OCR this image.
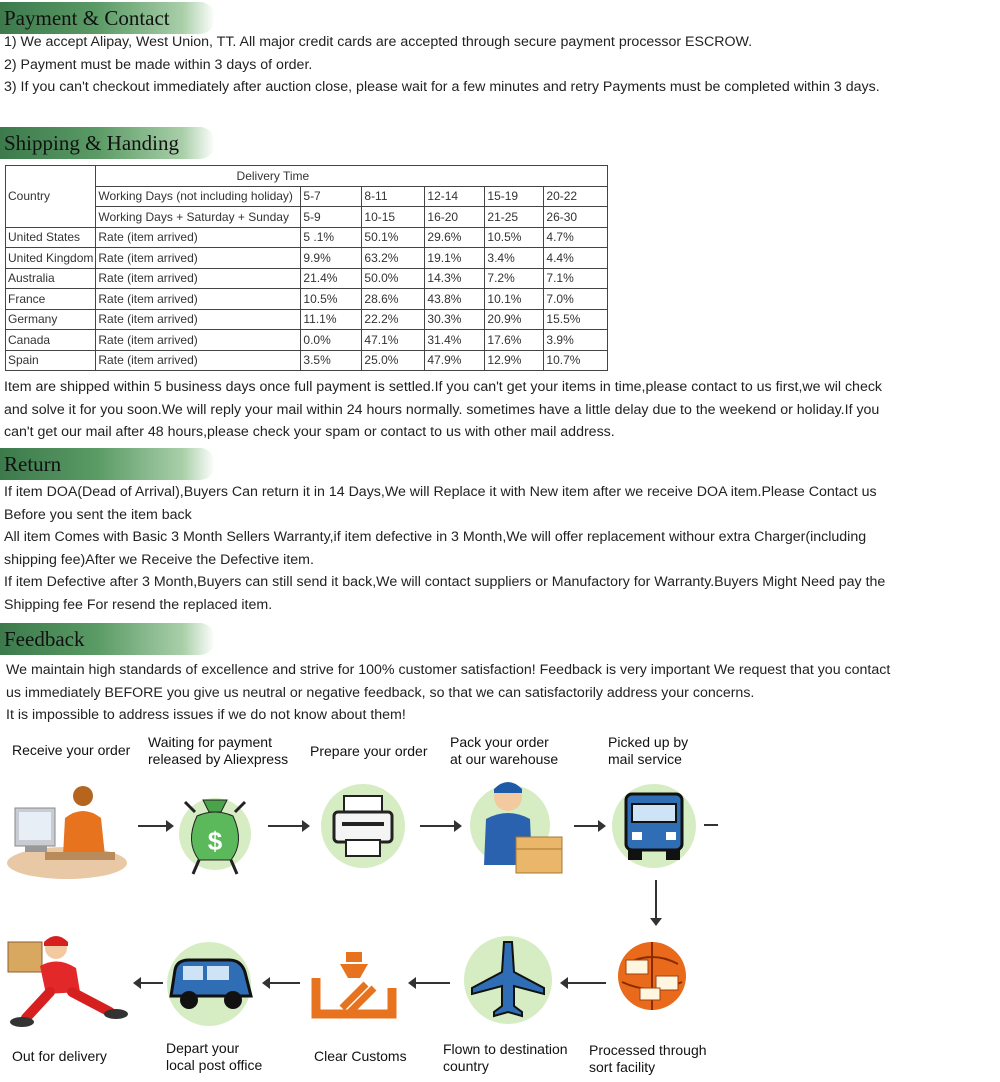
Payment & Contact

1) We accept Alipay, West Union, TT. All major credit cards are accepted through secure payment processor ESCROW.

2) Payment must be made within 3 days of order.

3) If you can't checkout immediately after auction close, please wait for a few minutes and retry Payments must be completed within 3 days.

Shipping & Handing
Country	Delivery Time					
	Working Days (not including holiday)	5-7	8-11	12-14	15-19	20-22
	Working Days + Saturday + Sunday	5-9	10-15	16-20	21-25	26-30
United States	Rate (item arrived)	5 .1%	50.1%	29.6%	10.5%	4.7%
United Kingdom	Rate (item arrived)	9.9%	63.2%	19.1%	3.4%	4.4%
Australia	Rate (item arrived)	21.4%	50.0%	14.3%	7.2%	7.1%
France	Rate (item arrived)	10.5%	28.6%	43.8%	10.1%	7.0%
Germany	Rate (item arrived)	11.1%	22.2%	30.3%	20.9%	15.5%
Canada	Rate (item arrived)	0.0%	47.1%	31.4%	17.6%	3.9%
Spain	Rate (item arrived)	3.5%	25.0%	47.9%	12.9%	10.7%

Item are shipped within 5 business days once full payment is settled.If you can't get your items in time,please contact to us first,we wil check and solve it for you soon.We will reply your mail within 24 hours normally. sometimes have a little delay due to the weekend or holiday.If you can't get our mail after 48 hours,please check your spam or contact to us with other mail address.

Return

If item DOA(Dead of Arrival),Buyers Can return it in 14 Days,We will Replace it with New item after we receive DOA item.Please Contact us Before you sent the item back

All item Comes with Basic 3 Month Sellers Warranty,if item defective in 3 Month,We will offer replacement withour extra Charger(including shipping fee)After we Receive the Defective item.

If item Defective after 3 Month,Buyers can still send it back,We will contact suppliers or Manufactory for Warranty.Buyers Might Need pay the Shipping fee For resend the replaced item.

Feedback

We maintain high standards of excellence and strive for 100% customer satisfaction! Feedback is very important We request that you contact us immediately BEFORE you give us neutral or negative feedback, so that we can satisfactorily address your concerns.

It is impossible to address issues if we do not know about them!

Receive your order Waiting for payment
released by Aliexpress Prepare your order
Pack your order
at our warehouse
Picked up by
mail service
$
Out for delivery	Depart your
local post office
Clear Customs	Flown to destination
country
Processed through
sort facility
